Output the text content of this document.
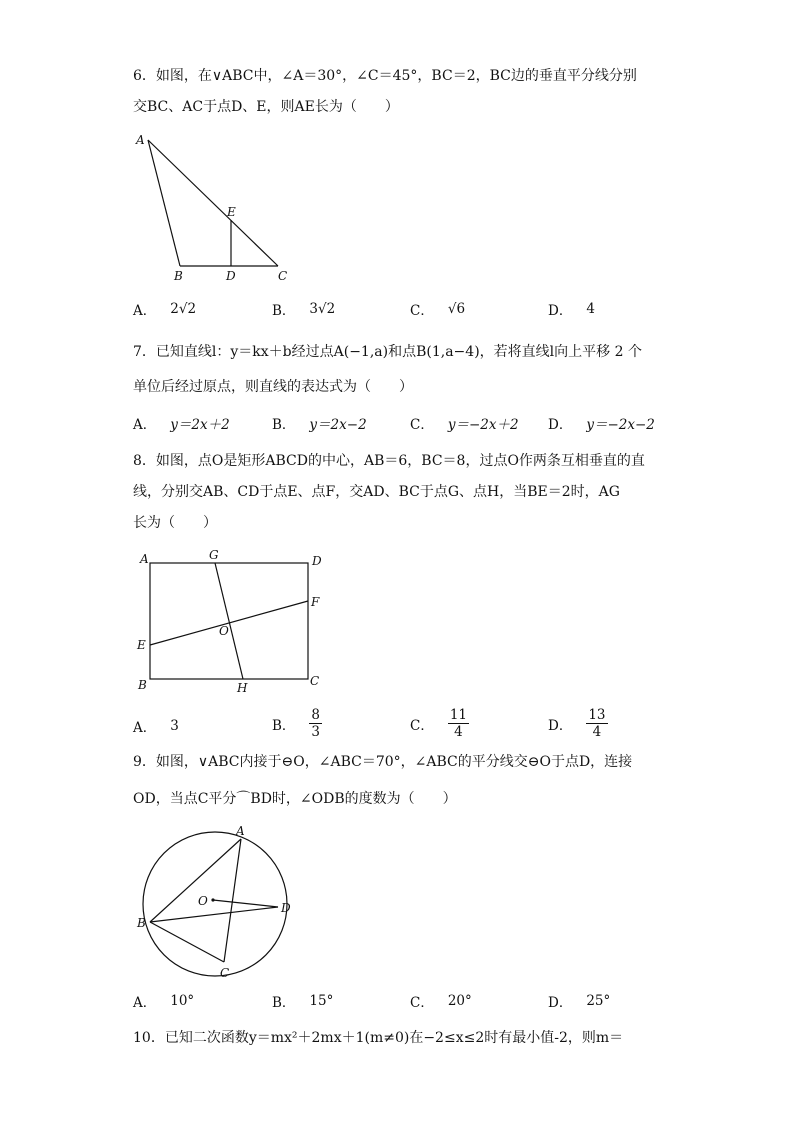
6．如图，在∨ABC中，∠A＝30°，∠C＝45°，BC＝2，BC边的垂直平分线分别
交BC、AC于点D、E，则AE长为（　　）
A
B	C
D
E
A． 2√2	B． 3√2	C． √6	D． 4
7．已知直线l：y＝kx＋b经过点A(−1,a)和点B(1,a−4)，若将直线l向上平移 2 个
单位后经过原点，则直线的表达式为（　　）
A． y＝2x＋2	B． y＝2x−2	C． y＝−2x＋2 D． y＝−2x−2
8．如图，点O是矩形ABCD的中心，AB＝6，BC＝8，过点O作两条互相垂直的直
线，分别交AB、CD于点E、点F，交AD、BC于点G、点H，当BE＝2时，AG
长为（　　）
A	G	D
F
O
E
B	H	C
A． 3	B． $\frac{8}{3}$	C． $\frac{11}{4}$	D． $\frac{13}{4}$
9．如图，∨ABC内接于⊖O，∠ABC＝70°，∠ABC的平分线交⊖O于点D，连接
OD，当点C平分⌒BD时，∠ODB的度数为（　　）
A
O	D
B
C
A． 10°	B． 15°	C． 20°	D． 25°
10．已知二次函数y＝mx²＋2mx＋1(m≠0)在−2≤x≤2时有最小值-2，则m＝
